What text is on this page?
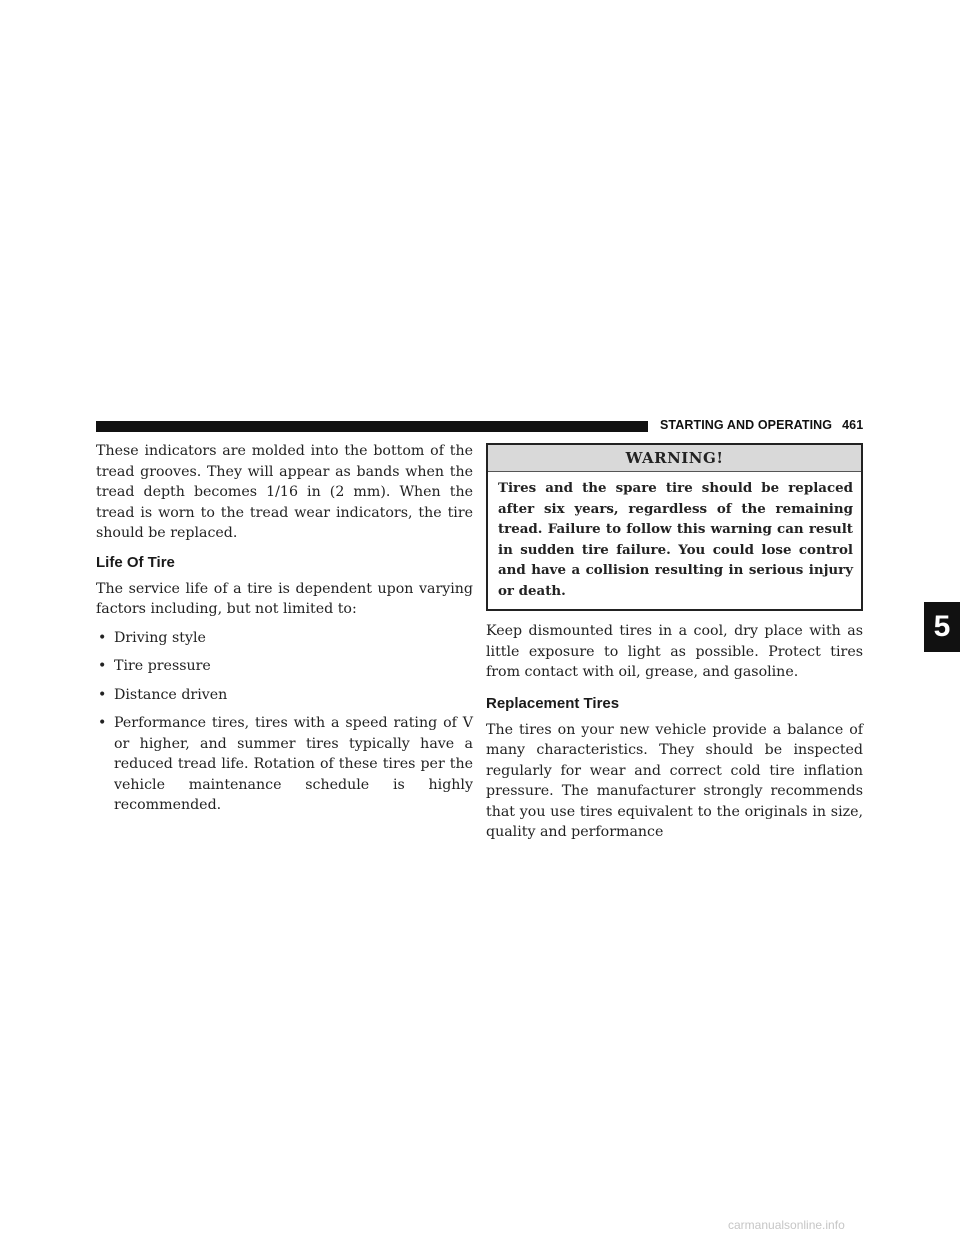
STARTING AND OPERATING 461
5

These indicators are molded into the bottom of the tread grooves. They will appear as bands when the tread depth becomes 1/16 in (2 mm). When the tread is worn to the tread wear indicators, the tire should be replaced.

Life Of Tire

The service life of a tire is dependent upon varying factors including, but not limited to:

• Driving style
• Tire pressure
• Distance driven
• Performance tires, tires with a speed rating of V or higher, and summer tires typically have a reduced tread life. Rotation of these tires per the vehicle maintenance schedule is highly recommended.
WARNING!
Tires and the spare tire should be replaced after six years, regardless of the remaining tread. Failure to follow this warning can result in sudden tire failure. You could lose control and have a collision resulting in serious injury or death.

Keep dismounted tires in a cool, dry place with as little exposure to light as possible. Protect tires from contact with oil, grease, and gasoline.

Replacement Tires

The tires on your new vehicle provide a balance of many characteristics. They should be inspected regularly for wear and correct cold tire inflation pressure. The manufacturer strongly recommends that you use tires equivalent to the originals in size, quality and performance

carmanualsonline.info
